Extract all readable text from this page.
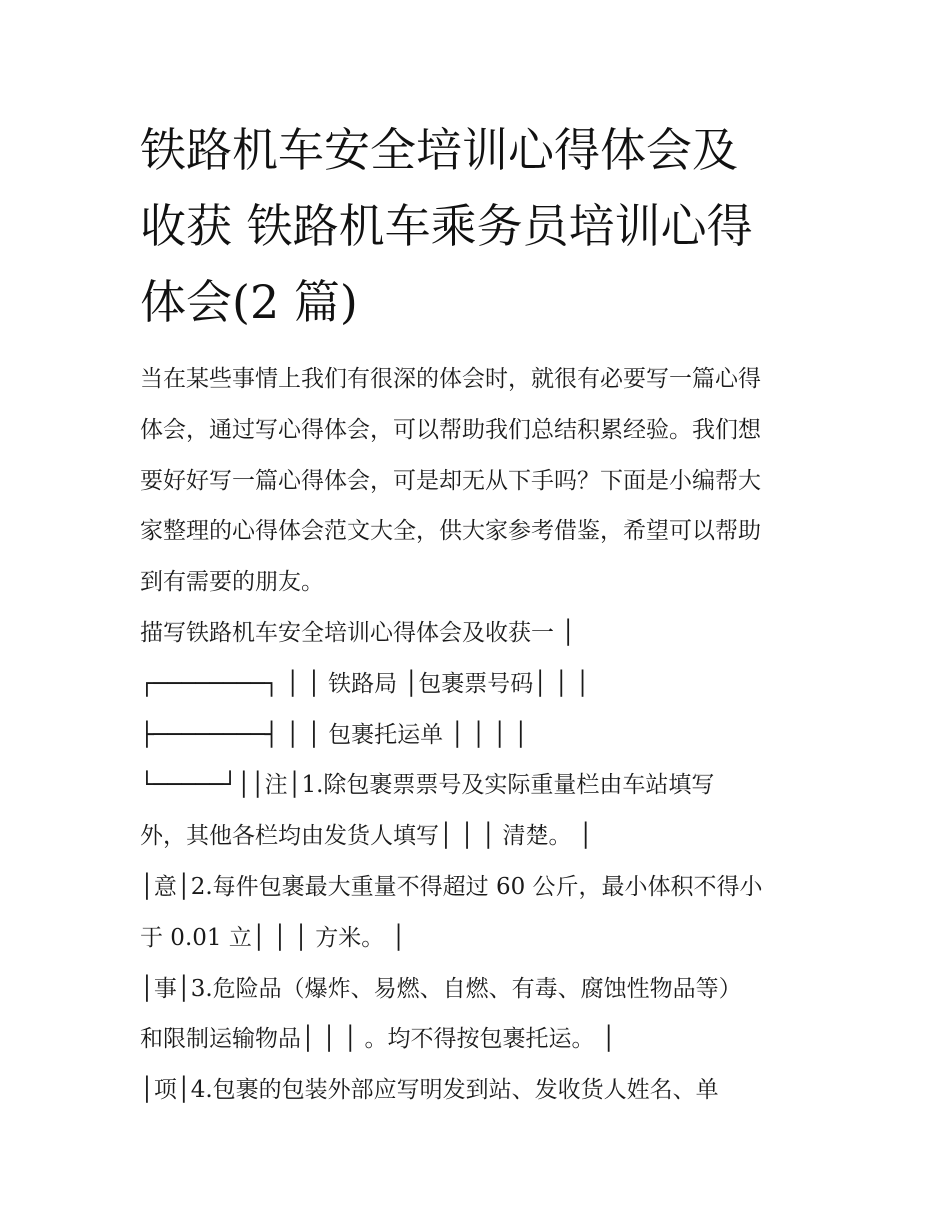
铁路机车安全培训心得体会及
收获 铁路机车乘务员培训心得
体会(2 篇)
当在某些事情上我们有很深的体会时，就很有必要写一篇心得
体会，通过写心得体会，可以帮助我们总结积累经验。我们想
要好好写一篇心得体会，可是却无从下手吗？下面是小编帮大
家整理的心得体会范文大全，供大家参考借鉴，希望可以帮助
到有需要的朋友。
描写铁路机车安全培训心得体会及收获一 │
┌────────┐ │ │ 铁路局 │包裹票号码│ │ │
├────────┤ │ │ 包裹托运单 │ │ │ │
└─────┘││注│1.除包裹票票号及实际重量栏由车站填写
外，其他各栏均由发货人填写│ │ │ 清楚。 │
│意│2.每件包裹最大重量不得超过 60 公斤，最小体积不得小
于 0.01 立│ │ │ 方米。 │
│事│3.危险品（爆炸、易燃、自燃、有毒、腐蚀性物品等）
和限制运输物品│ │ │ 。均不得按包裹托运。 │
│项│4.包裹的包装外部应写明发到站、发收货人姓名、单
